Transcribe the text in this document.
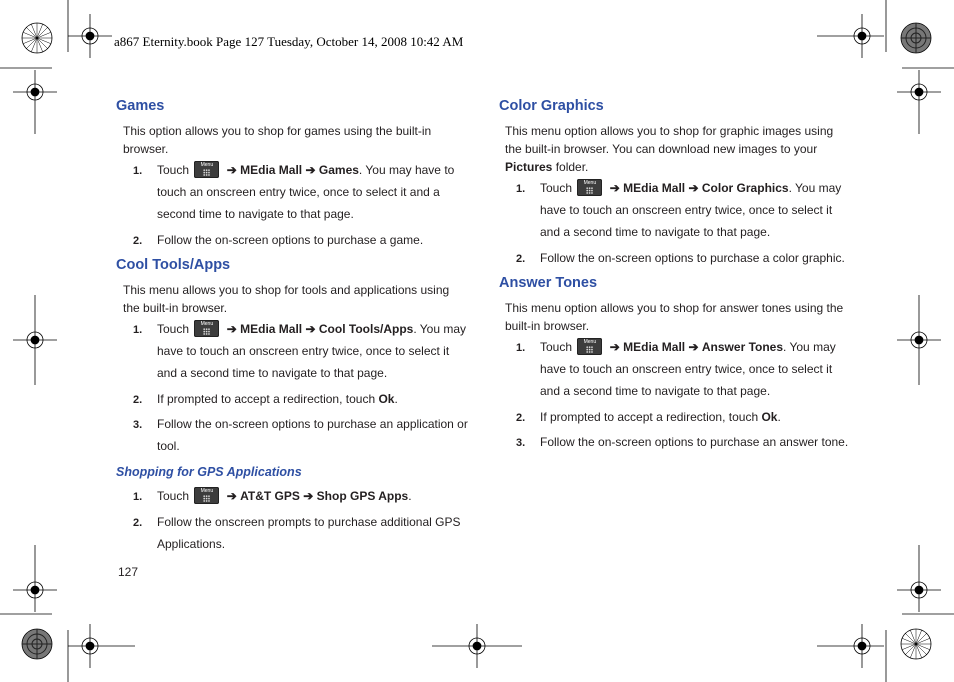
a867 Eternity.book Page 127 Tuesday, October 14, 2008 10:42 AM
Games
This option allows you to shop for games using the built-in browser.
1. Touch	Menu	➔ MEdia Mall ➔ Games. You may have to touch an onscreen entry twice, once to select it and a second time to navigate to that page.
2. Follow the on-screen options to purchase a game.
Cool Tools/Apps
This menu allows you to shop for tools and applications using the built-in browser.
1. Touch	Menu	➔ MEdia Mall ➔ Cool Tools/Apps. You may have to touch an onscreen entry twice, once to select it and a second time to navigate to that page.
2. If prompted to accept a redirection, touch Ok.
3. Follow the on-screen options to purchase an application or tool.
Shopping for GPS Applications
1. Touch	Menu	➔ AT&T GPS ➔ Shop GPS Apps.
2. Follow the onscreen prompts to purchase additional GPS Applications.
127
Color Graphics
This menu option allows you to shop for graphic images using the built-in browser. You can download new images to your Pictures folder.
1. Touch	Menu	➔ MEdia Mall ➔ Color Graphics. You may have to touch an onscreen entry twice, once to select it and a second time to navigate to that page.
2. Follow the on-screen options to purchase a color graphic.
Answer Tones
This menu option allows you to shop for answer tones using the built-in browser.
1. Touch	Menu	➔ MEdia Mall ➔ Answer Tones. You may have to touch an onscreen entry twice, once to select it and a second time to navigate to that page.
2. If prompted to accept a redirection, touch Ok.
3. Follow the on-screen options to purchase an answer tone.
